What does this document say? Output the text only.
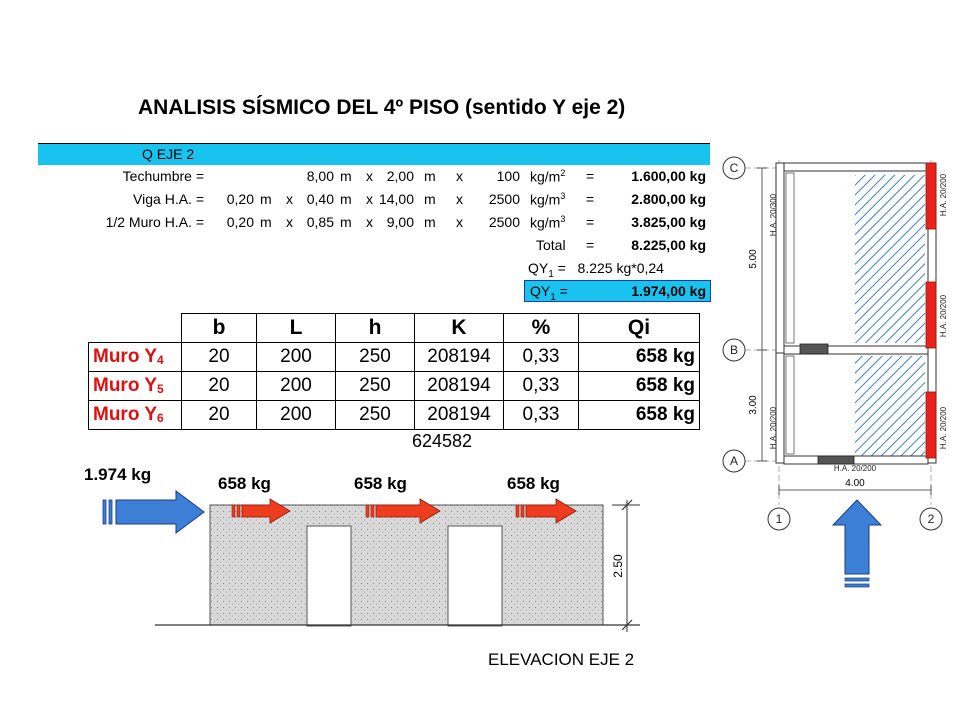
ANALISIS SÍSMICO DEL 4º PISO (sentido Y eje 2)
Q EJE 2
Techumbre =	8,00 m x 2,00 m x 100 $kg/m^2$ =	1.600,00 kg
Viga H.A. = 0,20 m x 0,40 m x 14,00 m x 2500 $kg/m^3$ =	2.800,00 kg
1/2 Muro H.A. = 0,20 m x 0,85 m x 9,00 m x 2500 $kg/m^3$ =	3.825,00 kg
Total =	8.225,00 kg
$QY_1 = 8.225$ kg*0,24
$QY_1$ =	1.974,00 kg
	b	L	h	K	%	Qi
Muro $Y_4$	20	200	250	208194	0,33	658 kg
Muro $Y_5$	20	200	250	208194	0,33	658 kg
Muro $Y_6$	20	200	250	208194	0,33	658 kg
624582
2.50
1.974 kg	658 kg	658 kg	658 kg
ELEVACION EJE 2
5.00
3.00
4.00
H.A. 20/300
H.A. 20/200
H.A. 20/200
H.A. 20/200
H.A. 20/200
H.A. 20/200
C
B
A
1	2
